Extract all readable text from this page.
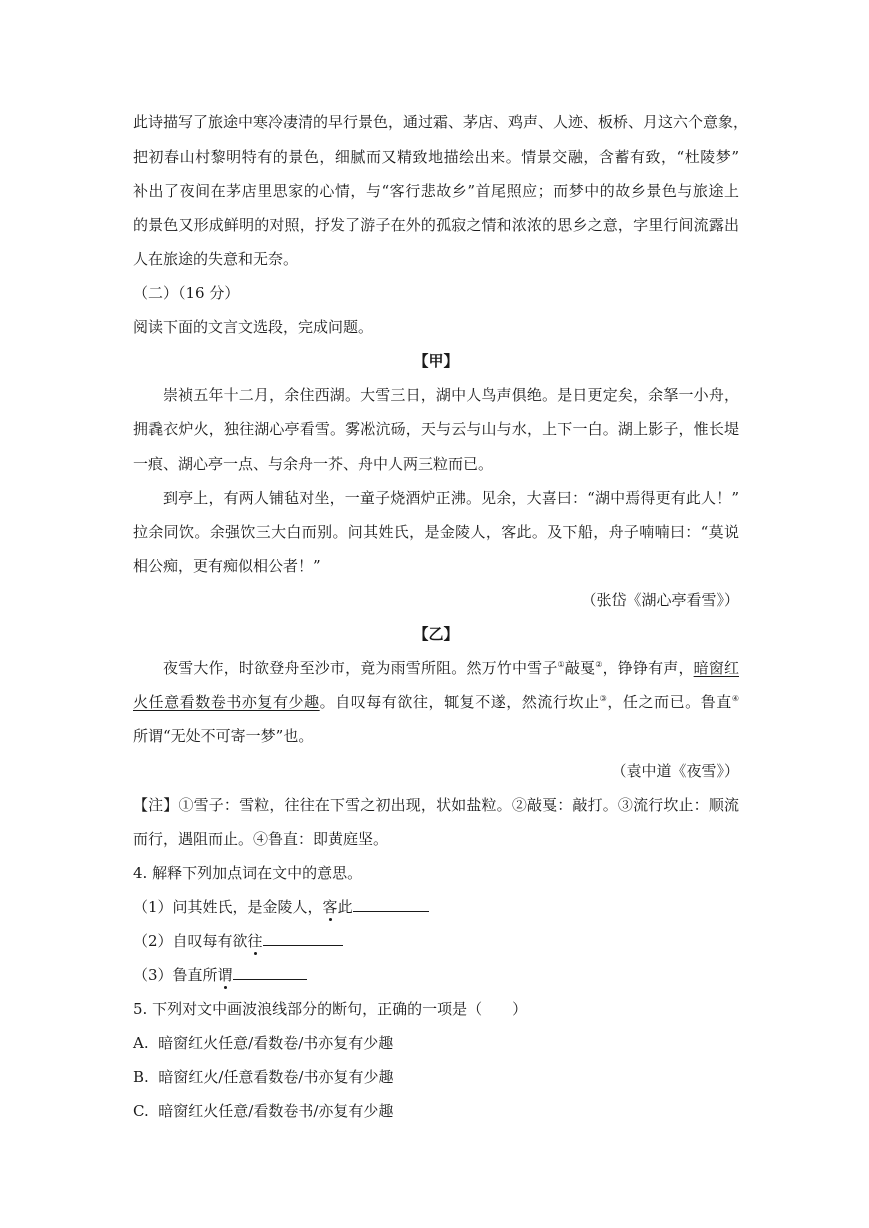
此诗描写了旅途中寒冷凄清的早行景色，通过霜、茅店、鸡声、人迹、板桥、月这六个意象，

把初春山村黎明特有的景色，细腻而又精致地描绘出来。情景交融，含蓄有致，“杜陵梦”

补出了夜间在茅店里思家的心情，与“客行悲故乡”首尾照应；而梦中的故乡景色与旅途上

的景色又形成鲜明的对照，抒发了游子在外的孤寂之情和浓浓的思乡之意，字里行间流露出

人在旅途的失意和无奈。

（二）（16 分）

阅读下面的文言文选段，完成问题。

【甲】

崇祯五年十二月，余住西湖。大雪三日，湖中人鸟声俱绝。是日更定矣，余拏一小舟，

拥毳衣炉火，独往湖心亭看雪。雾凇沆砀，天与云与山与水，上下一白。湖上影子，惟长堤

一痕、湖心亭一点、与余舟一芥、舟中人两三粒而已。

到亭上，有两人铺毡对坐，一童子烧酒炉正沸。见余，大喜曰：“湖中焉得更有此人！”

拉余同饮。余强饮三大白而别。问其姓氏，是金陵人，客此。及下船，舟子喃喃曰：“莫说

相公痴，更有痴似相公者！”

（张岱《湖心亭看雪》）

【乙】

夜雪大作，时欲登舟至沙市，竟为雨雪所阻。然万竹中雪子①敲戛②，铮铮有声，暗窗红

火任意看数卷书亦复有少趣。自叹每有欲往，辄复不遂，然流行坎止③，任之而已。鲁直④

所谓“无处不可寄一梦”也。

（袁中道《夜雪》）

【注】①雪子：雪粒，往往在下雪之初出现，状如盐粒。②敲戛：敲打。③流行坎止：顺流

而行，遇阻而止。④鲁直：即黄庭坚。

4. 解释下列加点词在文中的意思。

（1）问其姓氏，是金陵人，客此

（2）自叹每有欲往

（3）鲁直所谓

5. 下列对文中画波浪线部分的断句，正确的一项是（　　）

A. 暗窗红火任意/看数卷/书亦复有少趣

B. 暗窗红火/任意看数卷/书亦复有少趣

C. 暗窗红火任意/看数卷书/亦复有少趣
